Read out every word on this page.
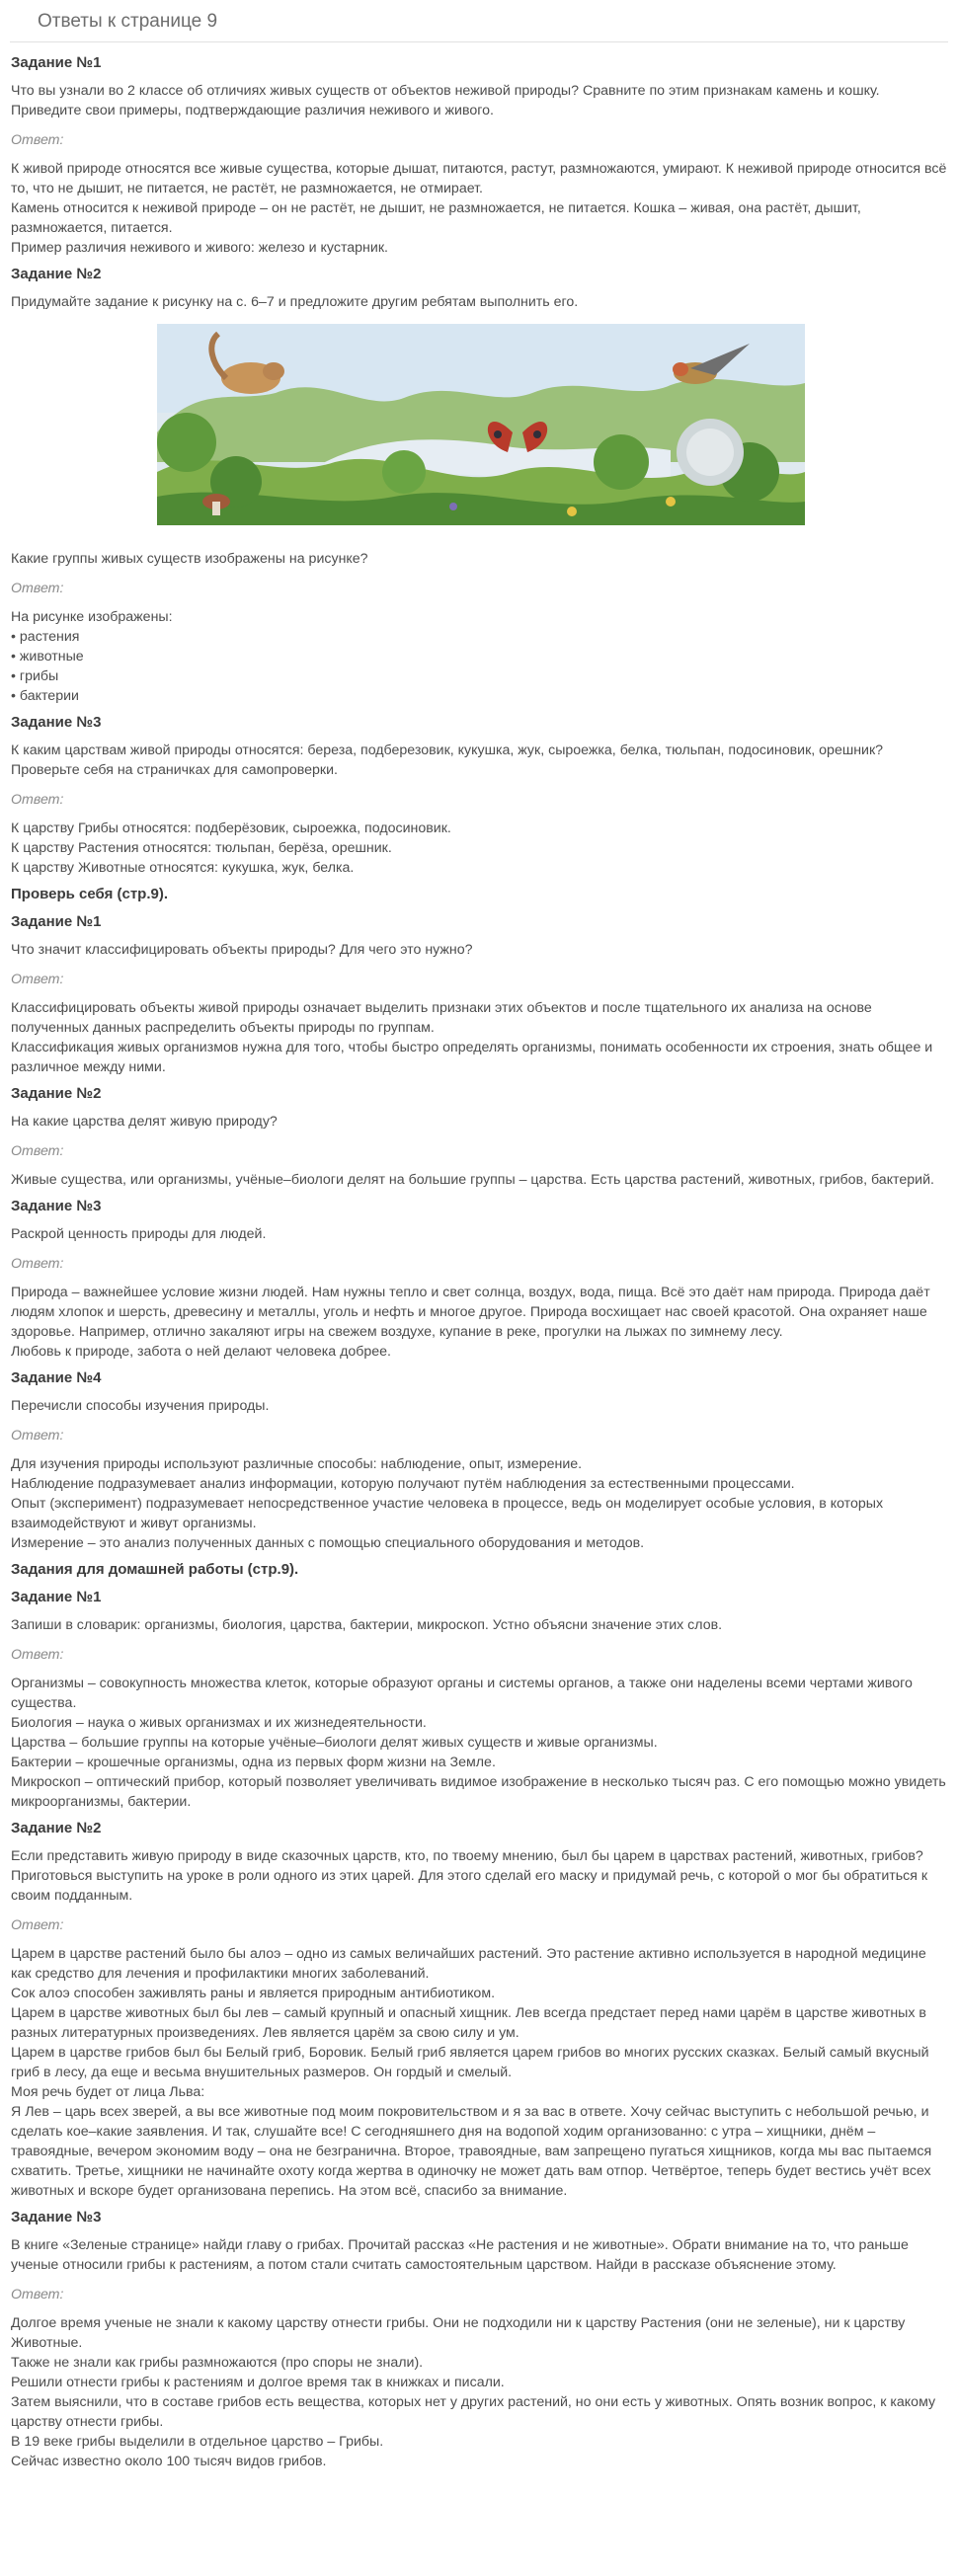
Ответы к странице 9

Задание №1

Что вы узнали во 2 классе об отличиях живых существ от объектов неживой природы? Сравните по этим признакам камень и кошку. Приведите свои примеры, подтверждающие различия неживого и живого.

Ответ:

К живой природе относятся все живые существа, которые дышат, питаются, растут, размножаются, умирают. К неживой природе относится всё то, что не дышит, не питается, не растёт, не размножается, не отмирает.
Камень относится к неживой природе – он не растёт, не дышит, не размножается, не питается. Кошка – живая, она растёт, дышит, размножается, питается.
Пример различия неживого и живого: железо и кустарник.

Задание №2

Придумайте задание к рисунку на с. 6–7 и предложите другим ребятам выполнить его.

Какие группы живых существ изображены на рисунке?

Ответ:

На рисунке изображены:
• растения
• животные
• грибы
• бактерии

Задание №3

К каким царствам живой природы относятся: береза, подберезовик, кукушка, жук, сыроежка, белка, тюльпан, подосиновик, орешник? Проверьте себя на страничках для самопроверки.

Ответ:

К царству Грибы относятся: подберёзовик, сыроежка, подосиновик.
К царству Растения относятся: тюльпан, берёза, орешник.
К царству Животные относятся: кукушка, жук, белка.

Проверь себя (стр.9).

Задание №1

Что значит классифицировать объекты природы? Для чего это нужно?

Ответ:

Классифицировать объекты живой природы означает выделить признаки этих объектов и после тщательного их анализа на основе полученных данных распределить объекты природы по группам.
Классификация живых организмов нужна для того, чтобы быстро определять организмы, понимать особенности их строения, знать общее и различное между ними.

Задание №2

На какие царства делят живую природу?

Ответ:

Живые существа, или организмы, учёные–биологи делят на большие группы – царства. Есть царства растений, животных, грибов, бактерий.

Задание №3

Раскрой ценность природы для людей.

Ответ:

Природа – важнейшее условие жизни людей. Нам нужны тепло и свет солнца, воздух, вода, пища. Всё это даёт нам природа. Природа даёт людям хлопок и шерсть, древесину и металлы, уголь и нефть и многое другое. Природа восхищает нас своей красотой. Она охраняет наше здоровье. Например, отлично закаляют игры на свежем воздухе, купание в реке, прогулки на лыжах по зимнему лесу.
Любовь к природе, забота о ней делают человека добрее.

Задание №4

Перечисли способы изучения природы.

Ответ:

Для изучения природы используют различные способы: наблюдение, опыт, измерение.
Наблюдение подразумевает анализ информации, которую получают путём наблюдения за естественными процессами.
Опыт (эксперимент) подразумевает непосредственное участие человека в процессе, ведь он моделирует особые условия, в которых взаимодействуют и живут организмы.
Измерение – это анализ полученных данных с помощью специального оборудования и методов.

Задания для домашней работы (стр.9).

Задание №1

Запиши в словарик: организмы, биология, царства, бактерии, микроскоп. Устно объясни значение этих слов.

Ответ:

Организмы – совокупность множества клеток, которые образуют органы и системы органов, а также они наделены всеми чертами живого существа.
Биология – наука о живых организмах и их жизнедеятельности.
Царства – большие группы на которые учёные–биологи делят живых существ и живые организмы.
Бактерии – крошечные организмы, одна из первых форм жизни на Земле.
Микроскоп – оптический прибор, который позволяет увеличивать видимое изображение в несколько тысяч раз. С его помощью можно увидеть микроорганизмы, бактерии.

Задание №2

Если представить живую природу в виде сказочных царств, кто, по твоему мнению, был бы царем в царствах растений, животных, грибов? Приготовься выступить на уроке в роли одного из этих царей. Для этого сделай его маску и придумай речь, с которой о мог бы обратиться к своим подданным.

Ответ:

Царем в царстве растений было бы алоэ – одно из самых величайших растений. Это растение активно используется в народной медицине как средство для лечения и профилактики многих заболеваний.
Сок алоэ способен заживлять раны и является природным антибиотиком.
Царем в царстве животных был бы лев – самый крупный и опасный хищник. Лев всегда предстает перед нами царём в царстве животных в разных литературных произведениях. Лев является царём за свою силу и ум.
Царем в царстве грибов был бы Белый гриб, Боровик. Белый гриб является царем грибов во многих русских сказках. Белый самый вкусный гриб в лесу, да еще и весьма внушительных размеров. Он гордый и смелый.
Моя речь будет от лица Льва:
Я Лев – царь всех зверей, а вы все животные под моим покровительством и я за вас в ответе. Хочу сейчас выступить с небольшой речью, и сделать кое–какие заявления. И так, слушайте все! С сегодняшнего дня на водопой ходим организованно: с утра – хищники, днём – травоядные, вечером экономим воду – она не безгранична. Второе, травоядные, вам запрещено пугаться хищников, когда мы вас пытаемся схватить. Третье, хищники не начинайте охоту когда жертва в одиночку не может дать вам отпор. Четвёртое, теперь будет вестись учёт всех животных и вскоре будет организована перепись. На этом всё, спасибо за внимание.

Задание №3

В книге «Зеленые странице» найди главу о грибах. Прочитай рассказ «Не растения и не животные». Обрати внимание на то, что раньше ученые относили грибы к растениям, а потом стали считать самостоятельным царством. Найди в рассказе объяснение этому.

Ответ:

Долгое время ученые не знали к какому царству отнести грибы. Они не подходили ни к царству Растения (они не зеленые), ни к царству Животные.
Также не знали как грибы размножаются (про споры не знали).
Решили отнести грибы к растениям и долгое время так в книжках и писали.
Затем выяснили, что в составе грибов есть вещества, которых нет у других растений, но они есть у животных. Опять возник вопрос, к какому царству отнести грибы.
В 19 веке грибы выделили в отдельное царство – Грибы.
Сейчас известно около 100 тысяч видов грибов.
